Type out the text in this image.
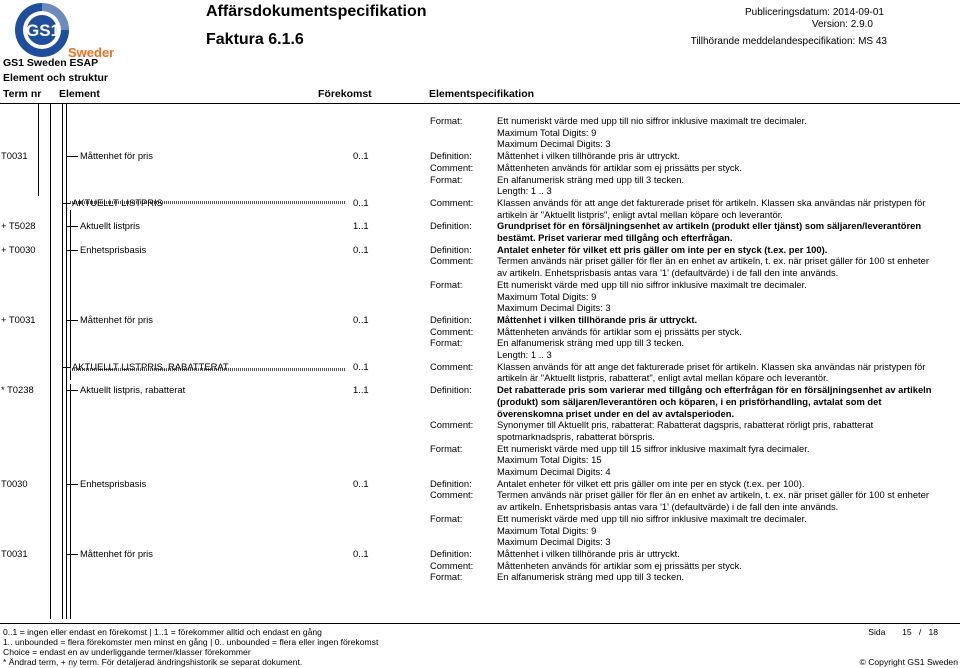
GS1
Sweden
GS1 Sweden ESAP
Affärsdokumentspecifikation
Faktura 6.1.6
Publiceringsdatum: 2014-09-01
Version: 2.9.0
Tillhörande meddelandespecifikation: MS 43
Element och struktur
Term nr Element	Förekomst	Elementspecifikation
Format:	Ett numeriskt värde med upp till nio siffror inklusive maximalt tre decimaler.
Maximum Total Digits: 9
Maximum Decimal Digits: 3
T0031	Måttenhet för pris	0..1	Definition:	Måttenhet i vilken tillhörande pris är uttryckt.
Comment:	Måttenheten används för artiklar som ej prissätts per styck.
Format:	En alfanumerisk sträng med upp till 3 tecken.
Length: 1 .. 3
AKTUELLT LISTPRIS	0..1	Comment:	Klassen används för att ange det fakturerade priset för artikeln. Klassen ska användas när pristypen för
artikeln är "Aktuellt listpris", enligt avtal mellan köpare och leverantör.
+ T5028	Aktuellt listpris	1..1	Definition:	Grundpriset för en försäljningsenhet av artikeln (produkt eller tjänst) som säljaren/leverantören
bestämt. Priset varierar med tillgång och efterfrågan.
+ T0030	Enhetsprisbasis	0..1	Definition:	Antalet enheter för vilket ett pris gäller om inte per en styck (t.ex. per 100).
Comment:	Termen används när priset gäller för fler än en enhet av artikeln, t. ex. när priset gäller för 100 st enheter
av artikeln. Enhetsprisbasis antas vara '1' (defaultvärde) i de fall den inte används.
Format:	Ett numeriskt värde med upp till nio siffror inklusive maximalt tre decimaler.
Maximum Total Digits: 9
Maximum Decimal Digits: 3
+ T0031	Måttenhet för pris	0..1	Definition:	Måttenhet i vilken tillhörande pris är uttryckt.
Comment:	Måttenheten används för artiklar som ej prissätts per styck.
Format:	En alfanumerisk sträng med upp till 3 tecken.
Length: 1 .. 3
AKTUELLT LISTPRIS, RABATTERAT	0..1	Comment:	Klassen används för att ange det fakturerade priset för artikeln. Klassen ska användas när pristypen för
artikeln är "Aktuellt listpris, rabatterat", enligt avtal mellan köpare och leverantör.
* T0238	Aktuellt listpris, rabatterat	1..1	Definition:	Det rabatterade pris som varierar med tillgång och efterfrågan för en försäljningsenhet av artikeln
(produkt) som säljaren/leverantören och köparen, i en prisförhandling, avtalat som det
överenskomna priset under en del av avtalsperioden.
Comment:	Synonymer till Aktuellt pris, rabatterat: Rabatterat dagspris, rabatterat rörligt pris, rabatterat
spotmarknadspris, rabatterat börspris.
Format:	Ett numeriskt värde med upp till 15 siffror inklusive maximalt fyra decimaler.
Maximum Total Digits: 15
Maximum Decimal Digits: 4
T0030	Enhetsprisbasis	0..1	Definition:	Antalet enheter för vilket ett pris gäller om inte per en styck (t.ex. per 100).
Comment:	Termen används när priset gäller för fler än en enhet av artikeln, t. ex. när priset gäller för 100 st enheter
av artikeln. Enhetsprisbasis antas vara '1' (defaultvärde) i de fall den inte används.
Format:	Ett numeriskt värde med upp till nio siffror inklusive maximalt tre decimaler.
Maximum Total Digits: 9
Maximum Decimal Digits: 3
T0031	Måttenhet för pris	0..1	Definition:	Måttenhet i vilken tillhörande pris är uttryckt.
Comment:	Måttenheten används för artiklar som ej prissätts per styck.
Format:	En alfanumerisk sträng med upp till 3 tecken.
0..1 = ingen eller endast en förekomst | 1..1 = förekommer alltid och endast en gång
1.. unbounded = flera förekomster men minst en gång | 0.. unbounded = flera eller ingen förekomst
Choice = endast en av underliggande termer/klasser förekommer
* Ändrad term, + ny term. För detaljerad ändringshistorik se separat dokument.
Sida 15 / 18
© Copyright GS1 Sweden
